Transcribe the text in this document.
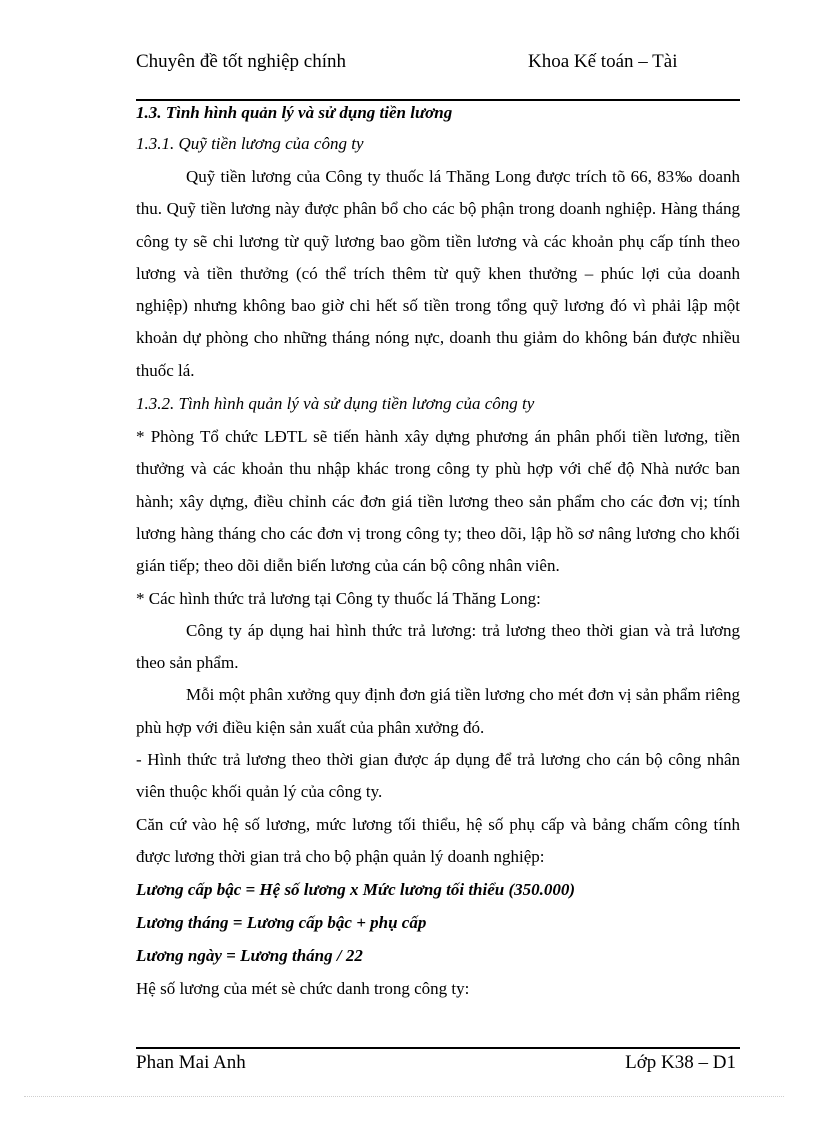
Chuyên đề tốt nghiệp chính	Khoa Kế toán – Tài

1.3. Tình hình quản lý và sử dụng tiền lương

1.3.1. Quỹ tiền lương của công ty

Quỹ tiền lương của Công ty thuốc lá Thăng Long được trích tõ 66, 83‰ doanh thu. Quỹ tiền lương này được phân bổ cho các bộ phận trong doanh nghiệp. Hàng tháng công ty sẽ chi lương từ quỹ lương bao gồm tiền lương và các khoản phụ cấp tính theo lương và tiền thưởng (có thể trích thêm từ quỹ khen thưởng – phúc lợi của doanh nghiệp) nhưng không bao giờ chi hết số tiền trong tổng quỹ lương đó vì phải lập một khoản dự phòng cho những tháng nóng nực, doanh thu giảm do không bán được nhiều thuốc lá.

1.3.2. Tình hình quản lý và sử dụng tiền lương của công ty

* Phòng Tổ chức LĐTL sẽ tiến hành xây dựng phương án phân phối tiền lương, tiền thưởng và các khoản thu nhập khác trong công ty phù hợp với chế độ Nhà nước ban hành; xây dựng, điều chỉnh các đơn giá tiền lương theo sản phẩm cho các đơn vị; tính lương hàng tháng cho các đơn vị trong công ty; theo dõi, lập hồ sơ nâng lương cho khối gián tiếp; theo dõi diễn biến lương của cán bộ công nhân viên.

* Các hình thức trả lương tại Công ty thuốc lá Thăng Long:

Công ty áp dụng hai hình thức trả lương: trả lương theo thời gian và trả lương theo sản phẩm.

Mỗi một phân xưởng quy định đơn giá tiền lương cho mét đơn vị sản phẩm riêng phù hợp với điều kiện sản xuất của phân xưởng đó.

- Hình thức trả lương theo thời gian được áp dụng để trả lương cho cán bộ công nhân viên thuộc khối quản lý của công ty.

Căn cứ vào hệ số lương, mức lương tối thiểu, hệ số phụ cấp và bảng chấm công tính được lương thời gian trả cho bộ phận quản lý doanh nghiệp:

Lương cấp bậc = Hệ số lương x Mức lương tối thiểu (350.000)

Lương tháng = Lương cấp bậc + phụ cấp

Lương ngày = Lương tháng / 22

Hệ số lương của mét sè chức danh trong công ty:

Phan Mai Anh	Lớp K38 – D1
